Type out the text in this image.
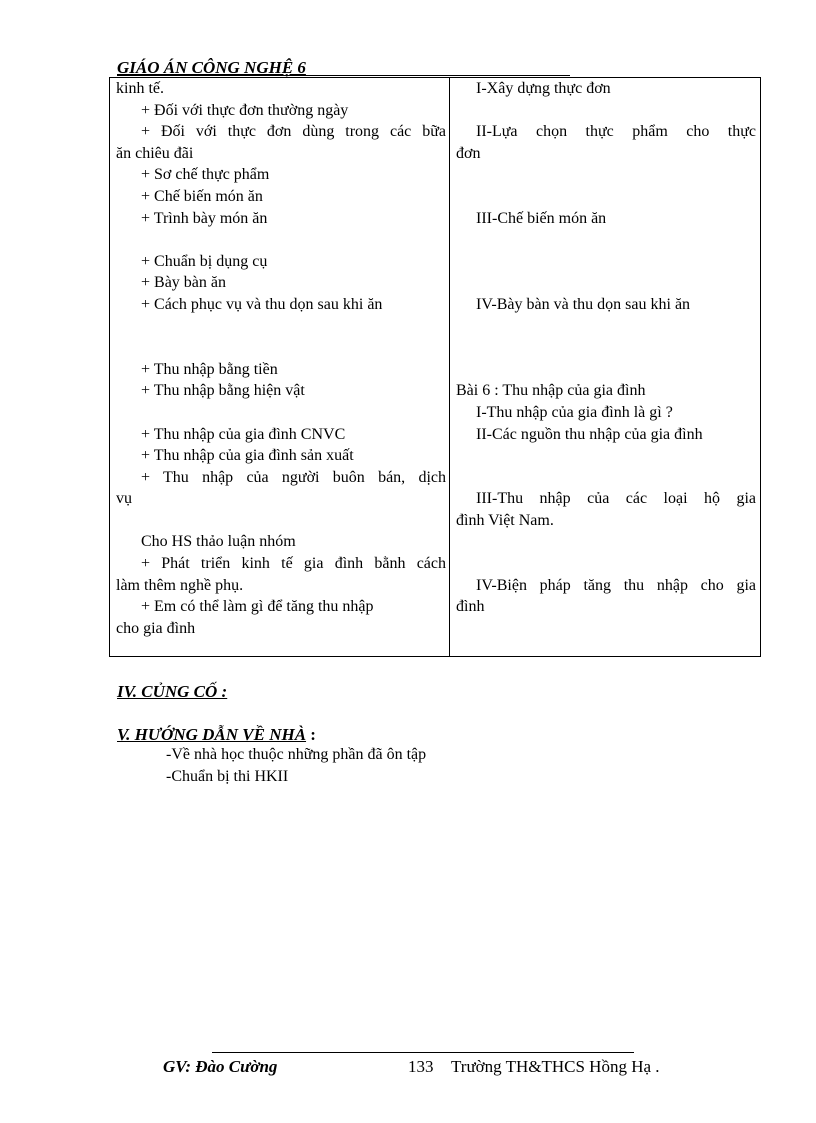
GIÁO ÁN CÔNG NGHỆ 6
kinh tế.
+ Đối với thực đơn thường ngày
+ Đối với thực đơn dùng trong các bữa
ăn chiêu đãi
+ Sơ chế thực phẩm
+ Chế biến món ăn
+ Trình bày món ăn
+ Chuẩn bị dụng cụ
+ Bày bàn ăn
+ Cách phục vụ và thu dọn sau khi ăn
+ Thu nhập bằng tiền
+ Thu nhập bằng hiện vật
+ Thu nhập của gia đình CNVC
+ Thu nhập của gia đình sản xuất
+ Thu nhập của người buôn bán, dịch
vụ
Cho HS thảo luận nhóm
+ Phát triển kinh tế gia đình bằnh cách
làm thêm nghề phụ.
+ Em có thể làm gì để tăng thu nhập
cho gia đình
I-Xây dựng thực đơn
II-Lựa chọn thực phẩm cho thực
đơn
III-Chế biến món ăn
IV-Bày bàn và thu dọn sau khi ăn
Bài 6 : Thu nhập của gia đình
I-Thu nhập của gia đình là gì ?
II-Các nguồn thu nhập của gia đình
III-Thu nhập của các loại hộ gia
đình Việt Nam.
IV-Biện pháp tăng thu nhập cho gia
đình
IV. CỦNG CỐ :
V. HƯỚNG DẪN VỀ NHÀ :
-Về nhà học thuộc những phần đã ôn tập
-Chuẩn bị thi HKII
GV: Đào Cường	133 Trường TH&THCS Hồng Hạ .
